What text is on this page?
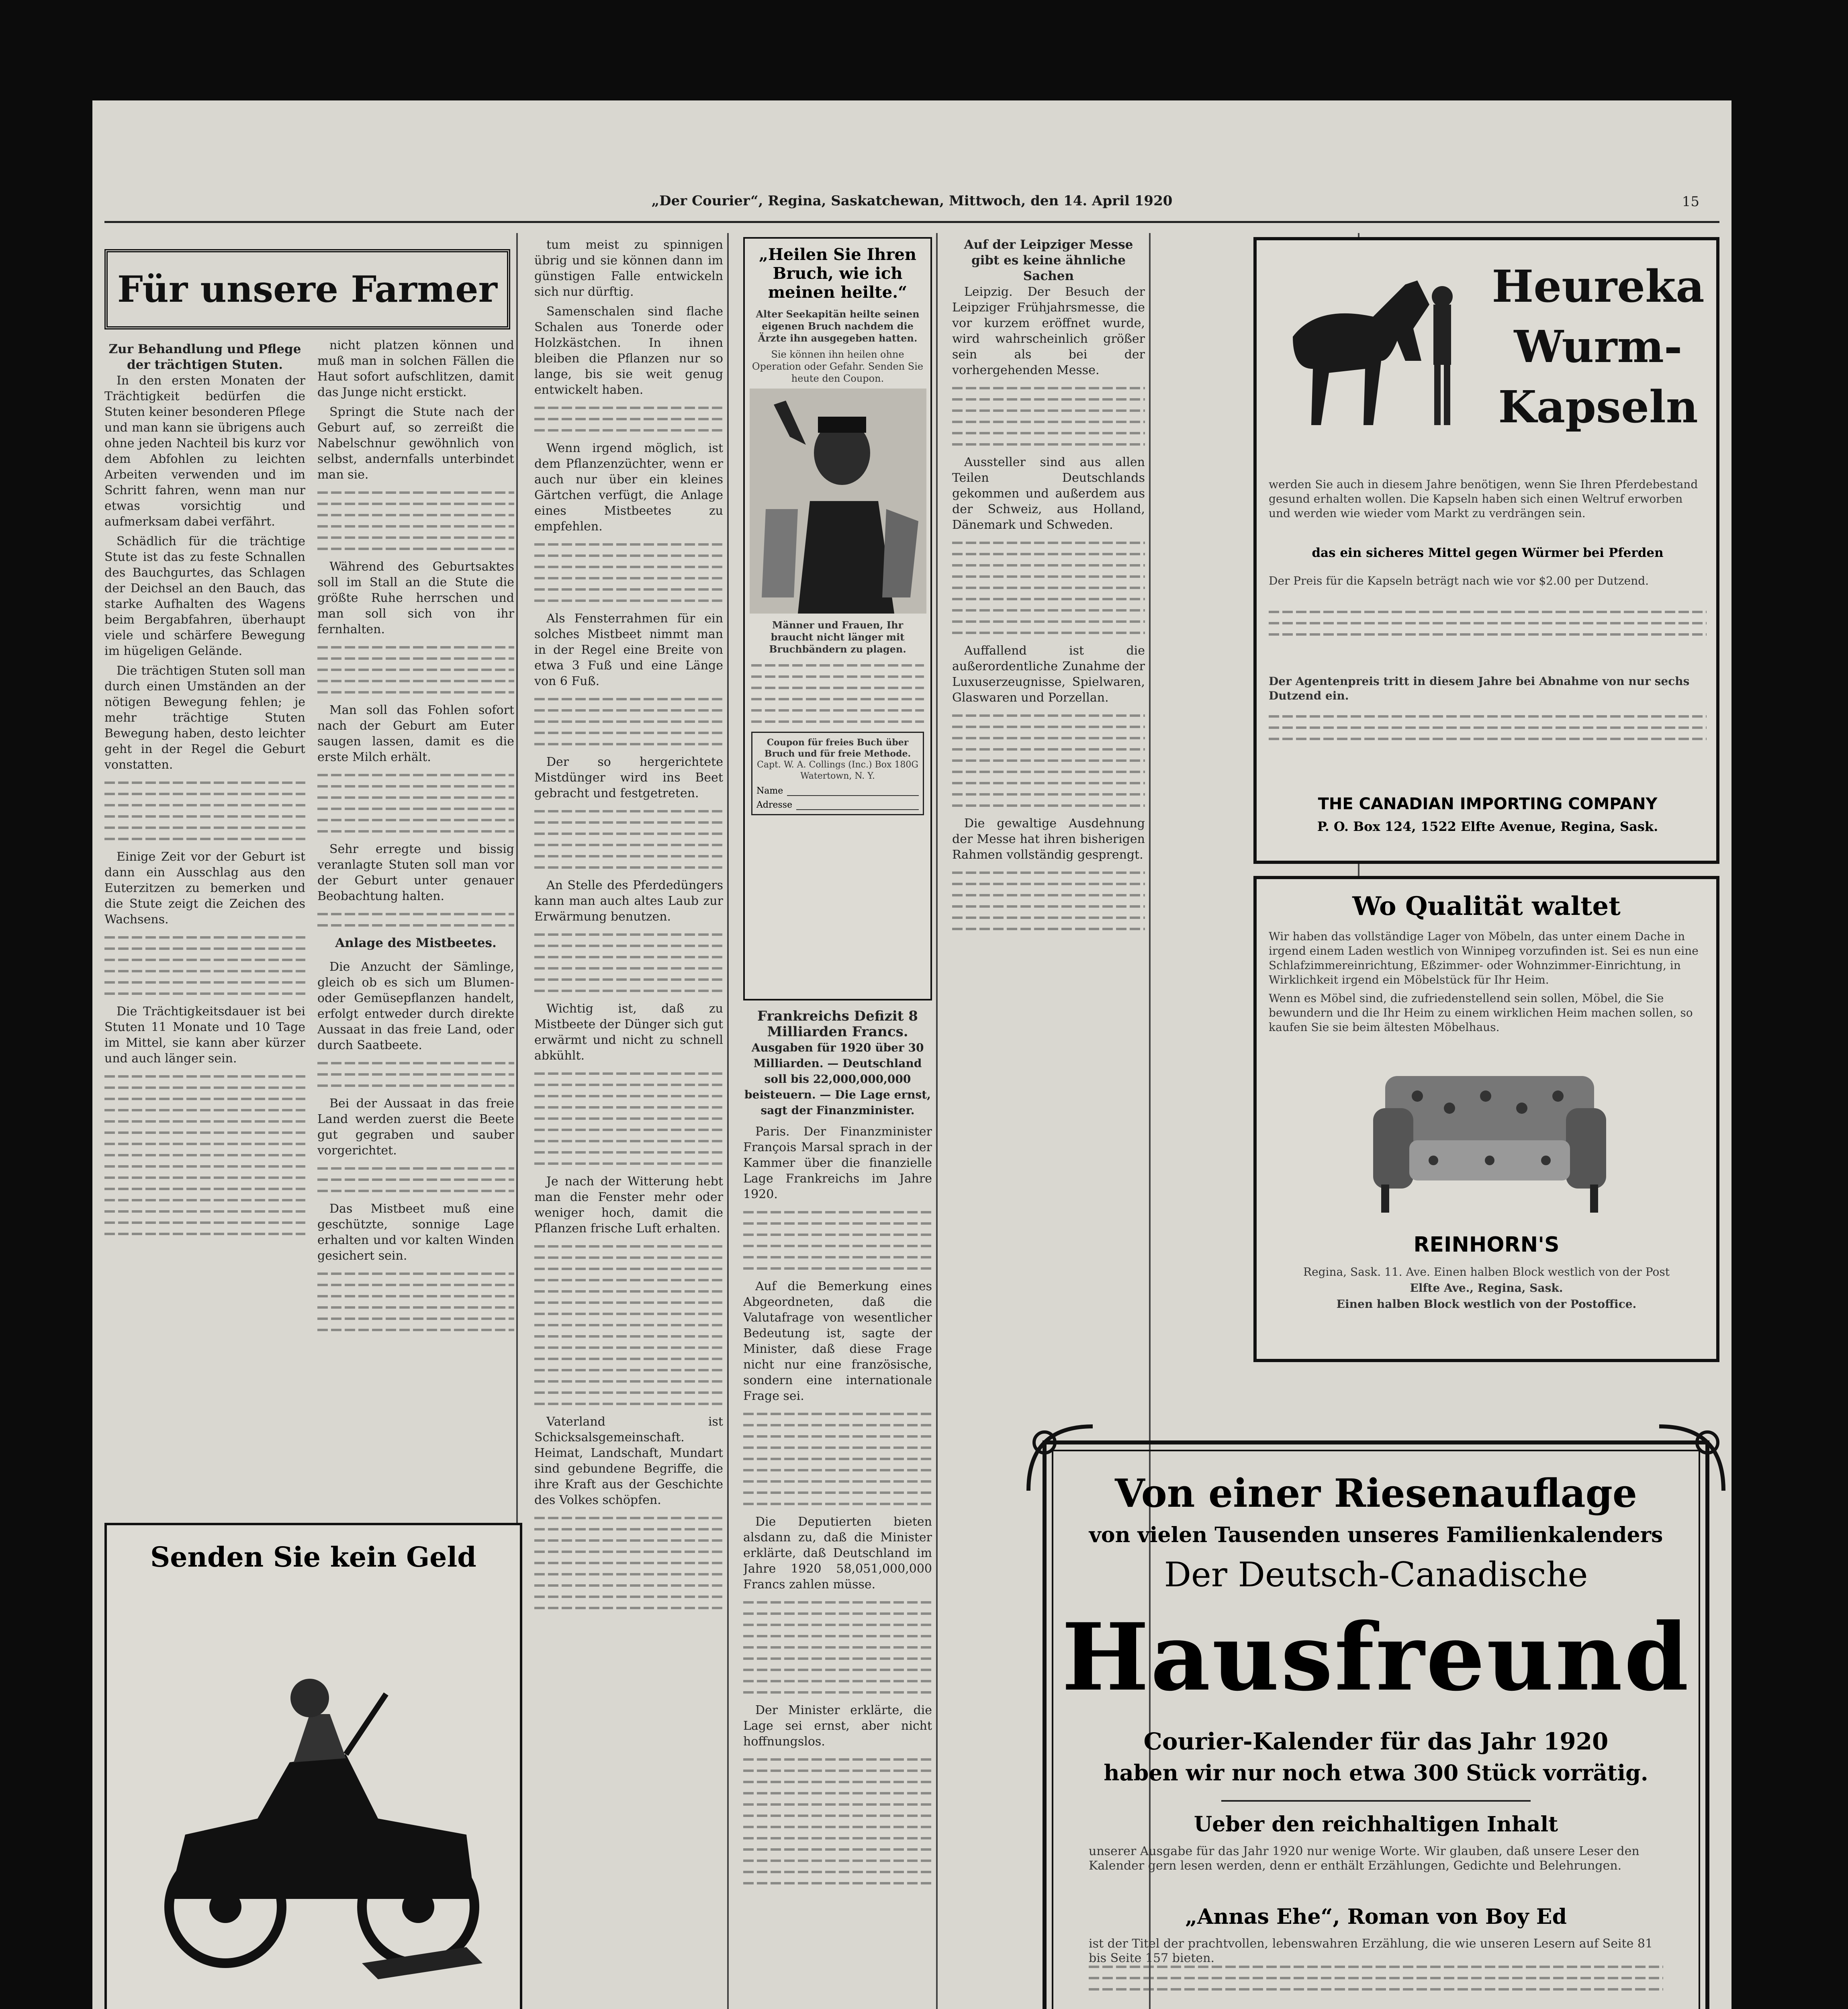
„Der Courier“, Regina, Saskatchewan, Mittwoch, den 14. April 1920	15
Für unsere Farmer
Zur Behandlung und Pflege der trächtigen Stuten.

In den ersten Monaten der Trächtigkeit bedürfen die Stuten keiner besonderen Pflege und man kann sie übrigens auch ohne jeden Nachteil bis kurz vor dem Abfohlen zu leichten Arbeiten verwenden und im Schritt fahren, wenn man nur etwas vorsichtig und aufmerksam dabei verfährt.

Schädlich für die trächtige Stute ist das zu feste Schnallen des Bauchgurtes, das Schlagen der Deichsel an den Bauch, das starke Aufhalten des Wagens beim Bergabfahren, überhaupt viele und schärfere Bewegung im hügeligen Gelände.

Die trächtigen Stuten soll man durch einen Umständen an der nötigen Bewegung fehlen; je mehr trächtige Stuten Bewegung haben, desto leichter geht in der Regel die Geburt vonstatten.

Einige Zeit vor der Geburt ist dann ein Ausschlag aus den Euterzitzen zu bemerken und die Stute zeigt die Zeichen des Wachsens.

Die Trächtigkeitsdauer ist bei Stuten 11 Monate und 10 Tage im Mittel, sie kann aber kürzer und auch länger sein.

nicht platzen können und muß man in solchen Fällen die Haut sofort aufschlitzen, damit das Junge nicht erstickt.

Springt die Stute nach der Geburt auf, so zerreißt die Nabelschnur gewöhnlich von selbst, andernfalls unterbindet man sie.

Während des Geburtsaktes soll im Stall an die Stute die größte Ruhe herrschen und man soll sich von ihr fernhalten.

Man soll das Fohlen sofort nach der Geburt am Euter saugen lassen, damit es die erste Milch erhält.

Sehr erregte und bissig veranlagte Stuten soll man vor der Geburt unter genauer Beobachtung halten.

Anlage des Mistbeetes.

Die Anzucht der Sämlinge, gleich ob es sich um Blumen- oder Gemüsepflanzen handelt, erfolgt entweder durch direkte Aussaat in das freie Land, oder durch Saatbeete.

Bei der Aussaat in das freie Land werden zuerst die Beete gut gegraben und sauber vorgerichtet.

Das Mistbeet muß eine geschützte, sonnige Lage erhalten und vor kalten Winden gesichert sein.

Senden Sie kein Geld

tum meist zu spinnigen übrig und sie können dann im günstigen Falle entwickeln sich nur dürftig.

Samenschalen sind flache Schalen aus Tonerde oder Holzkästchen. In ihnen bleiben die Pflanzen nur so lange, bis sie weit genug entwickelt haben.

Wenn irgend möglich, ist dem Pflanzenzüchter, wenn er auch nur über ein kleines Gärtchen verfügt, die Anlage eines Mistbeetes zu empfehlen.

Als Fensterrahmen für ein solches Mistbeet nimmt man in der Regel eine Breite von etwa 3 Fuß und eine Länge von 6 Fuß.

Der so hergerichtete Mistdünger wird ins Beet gebracht und festgetreten.

An Stelle des Pferdedüngers kann man auch altes Laub zur Erwärmung benutzen.

Wichtig ist, daß zu Mistbeete der Dünger sich gut erwärmt und nicht zu schnell abkühlt.

Je nach der Witterung hebt man die Fenster mehr oder weniger hoch, damit die Pflanzen frische Luft erhalten.

Vaterland ist Schicksalsgemeinschaft. Heimat, Landschaft, Mundart sind gebundene Begriffe, die ihre Kraft aus der Geschichte des Volkes schöpfen.

„Heilen Sie Ihren Bruch, wie ich meinen heilte.“
Alter Seekapitän heilte seinen eigenen Bruch nachdem die Ärzte ihn ausgegeben hatten.
Sie können ihn heilen ohne Operation oder Gefahr. Senden Sie heute den Coupon.
Männer und Frauen, Ihr braucht nicht länger mit Bruchbändern zu plagen.
Coupon für freies Buch über Bruch und für freie Methode.
Capt. W. A. Collings (Inc.) Box 180G Watertown, N. Y.
Name
Adresse
Frankreichs Defizit 8 Milliarden Francs.
Ausgaben für 1920 über 30 Milliarden. — Deutschland soll bis 22,000,000,000 beisteuern. — Die Lage ernst, sagt der Finanzminister.

Paris. Der Finanzminister François Marsal sprach in der Kammer über die finanzielle Lage Frankreichs im Jahre 1920.

Auf die Bemerkung eines Abgeordneten, daß die Valutafrage von wesentlicher Bedeutung ist, sagte der Minister, daß diese Frage nicht nur eine französische, sondern eine internationale Frage sei.

Die Deputierten bieten alsdann zu, daß die Minister erklärte, daß Deutschland im Jahre 1920 58,051,000,000 Francs zahlen müsse.

Der Minister erklärte, die Lage sei ernst, aber nicht hoffnungslos.

Auf der Leipziger Messe gibt es keine ähnliche Sachen

Leipzig. Der Besuch der Leipziger Frühjahrsmesse, die vor kurzem eröffnet wurde, wird wahrscheinlich größer sein als bei der vorhergehenden Messe.

Aussteller sind aus allen Teilen Deutschlands gekommen und außerdem aus der Schweiz, aus Holland, Dänemark und Schweden.

Auffallend ist die außerordentliche Zunahme der Luxuserzeugnisse, Spielwaren, Glaswaren und Porzellan.

Die gewaltige Ausdehnung der Messe hat ihren bisherigen Rahmen vollständig gesprengt.

Heureka
Wurm-
Kapseln
werden Sie auch in diesem Jahre benötigen, wenn Sie Ihren Pferdebestand gesund erhalten wollen. Die Kapseln haben sich einen Weltruf erworben und werden wie wieder vom Markt zu verdrängen sein.
das ein sicheres Mittel gegen Würmer bei Pferden
Der Preis für die Kapseln beträgt nach wie vor $2.00 per Dutzend.
Der Agentenpreis tritt in diesem Jahre bei Abnahme von nur sechs Dutzend ein.
THE CANADIAN IMPORTING COMPANY
P. O. Box 124, 1522 Elfte Avenue, Regina, Sask.
Wo Qualität waltet
Wir haben das vollständige Lager von Möbeln, das unter einem Dache in irgend einem Laden westlich von Winnipeg vorzufinden ist. Sei es nun eine Schlafzimmereinrichtung, Eßzimmer- oder Wohnzimmer-Einrichtung, in Wirklichkeit irgend ein Möbelstück für Ihr Heim.
Wenn es Möbel sind, die zufriedenstellend sein sollen, Möbel, die Sie bewundern und die Ihr Heim zu einem wirklichen Heim machen sollen, so kaufen Sie sie beim ältesten Möbelhaus.
REINHORN'S
Regina, Sask. 11. Ave. Einen halben Block westlich von der Post
Elfte Ave., Regina, Sask.
Einen halben Block westlich von der Postoffice.
Von einer Riesenauflage
von vielen Tausenden unseres Familienkalenders
Der Deutsch-Canadische
Hausfreund
Courier-Kalender für das Jahr 1920
haben wir nur noch etwa 300 Stück vorrätig.
Ueber den reichhaltigen Inhalt
unserer Ausgabe für das Jahr 1920 nur wenige Worte. Wir glauben, daß unsere Leser den Kalender gern lesen werden, denn er enthält Erzählungen, Gedichte und Belehrungen.
„Annas Ehe“, Roman von Boy Ed
ist der Titel der prachtvollen, lebenswahren Erzählung, die wie unseren Lesern auf Seite 81 bis Seite 157 bieten.
